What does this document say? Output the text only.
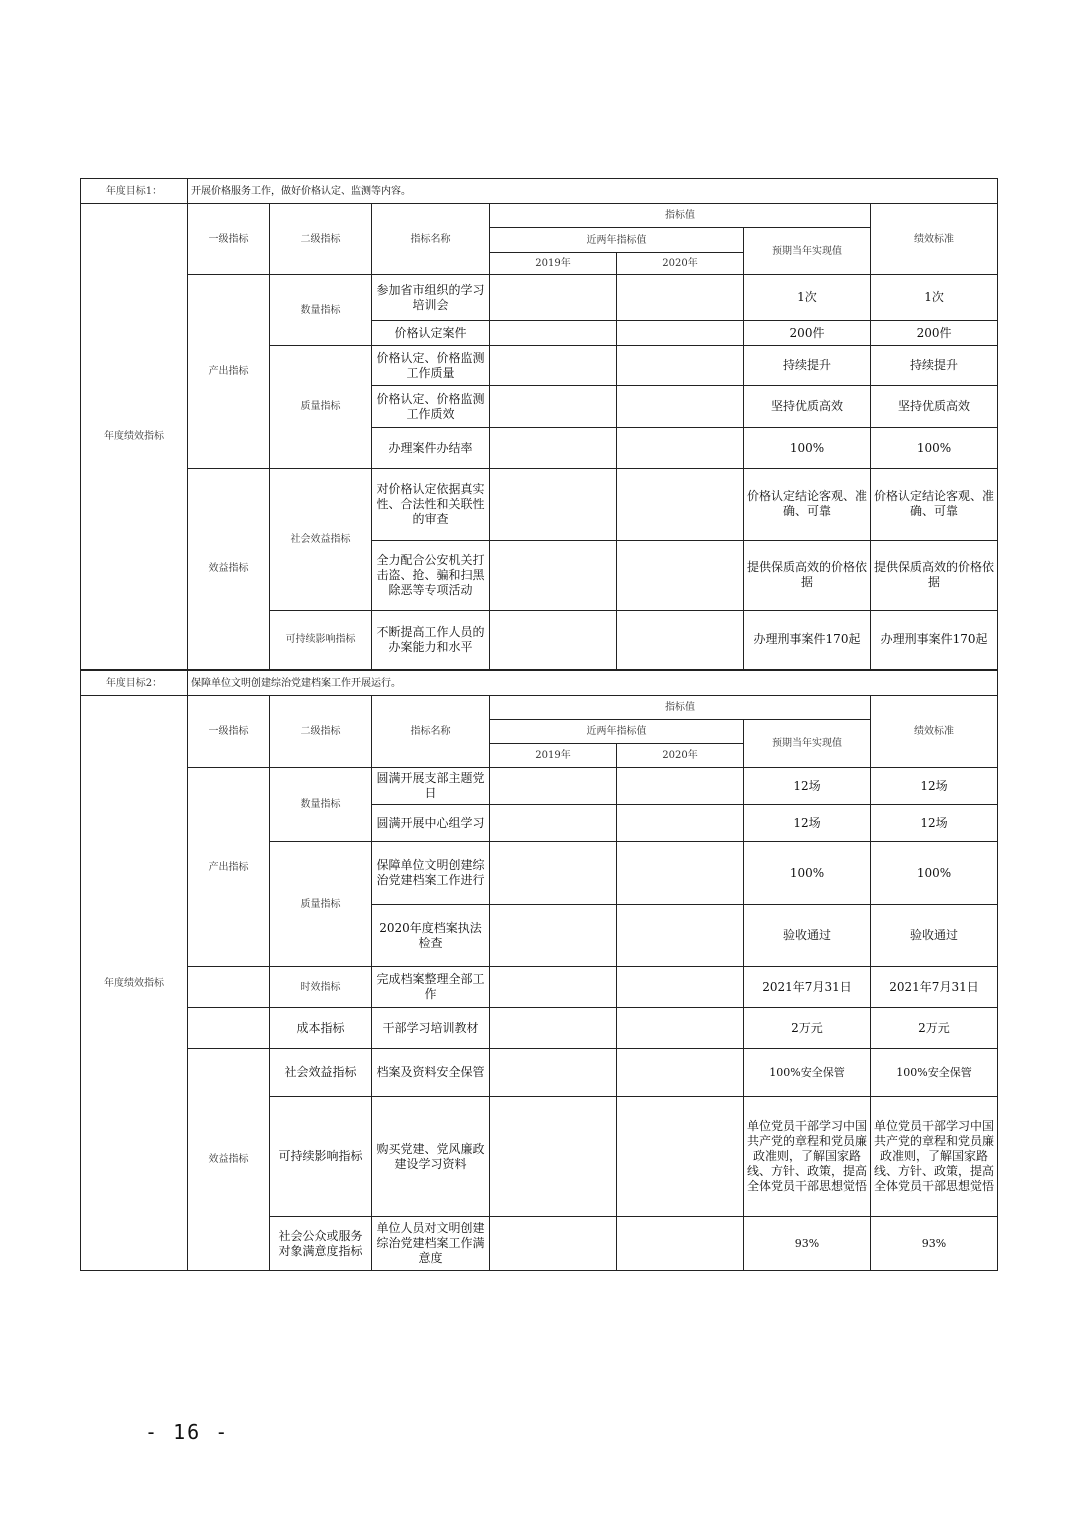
年度目标1：	开展价格服务工作，做好价格认定、监测等内容。						
年度绩效指标	一级指标	二级指标	指标名称	指标值			绩效标准
				近两年指标值		预期当年实现值	
				2019年	2020年		
	产出指标	数量指标	参加省市组织的学习培训会			1次	1次
			价格认定案件			200件	200件
		质量指标	价格认定、价格监测工作质量			持续提升	持续提升
			价格认定、价格监测工作质效			坚持优质高效	坚持优质高效
			办理案件办结率			100%	100%
	效益指标	社会效益指标	对价格认定依据真实性、合法性和关联性的审查			价格认定结论客观、准确、可靠	价格认定结论客观、准确、可靠
			全力配合公安机关打击盗、抢、骗和扫黑除恶等专项活动			提供保质高效的价格依据	提供保质高效的价格依据
		可持续影响指标	不断提高工作人员的办案能力和水平			办理刑事案件170起	办理刑事案件170起
年度目标2：	保障单位文明创建综治党建档案工作开展运行。						
年度绩效指标	一级指标	二级指标	指标名称	指标值			绩效标准
				近两年指标值		预期当年实现值	
				2019年	2020年		
	产出指标	数量指标	圆满开展支部主题党日			12场	12场
			圆满开展中心组学习			12场	12场
		质量指标	保障单位文明创建综治党建档案工作进行			100%	100%
			2020年度档案执法检查			验收通过	验收通过
		时效指标	完成档案整理全部工作			2021年7月31日	2021年7月31日
		成本指标	干部学习培训教材			2万元	2万元
	效益指标	社会效益指标	档案及资料安全保管			100%安全保管	100%安全保管
		可持续影响指标	购买党建、党风廉政建设学习资料			单位党员干部学习中国共产党的章程和党员廉政准则，了解国家路线、方针、政策，提高全体党员干部思想觉悟	单位党员干部学习中国共产党的章程和党员廉政准则，了解国家路线、方针、政策，提高全体党员干部思想觉悟
		社会公众或服务对象满意度指标	单位人员对文明创建综治党建档案工作满意度			93%	93%
- 16 -
